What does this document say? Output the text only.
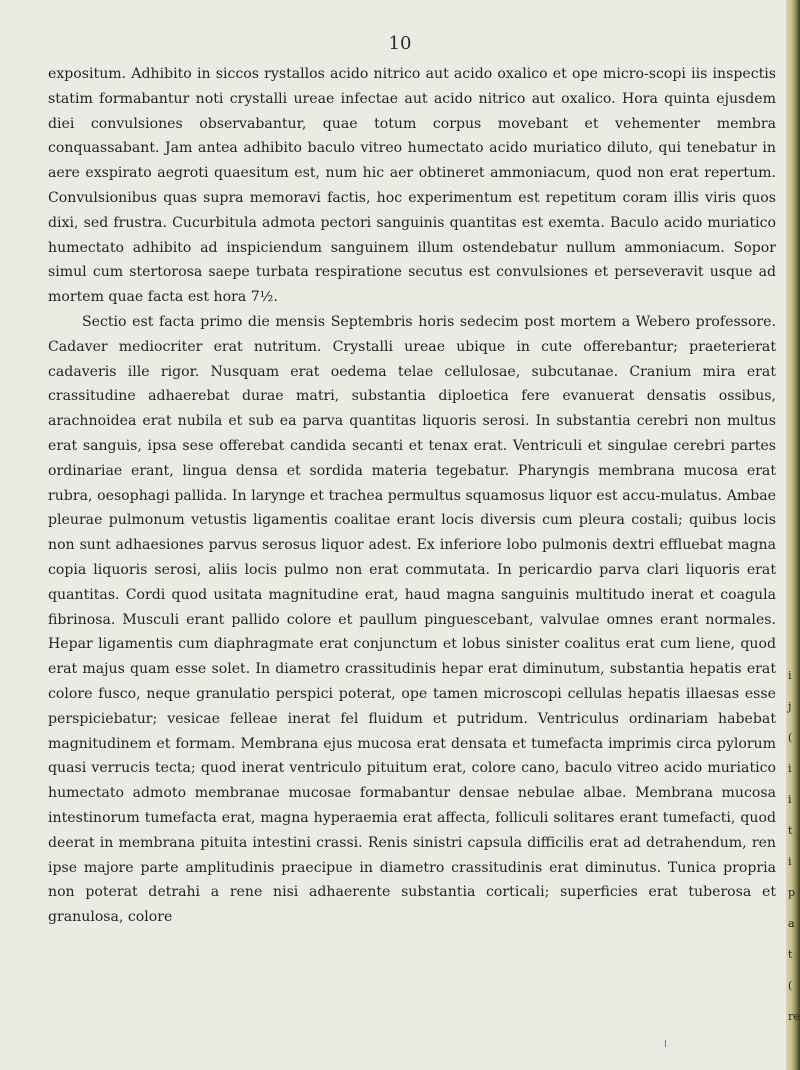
10

expositum. Adhibito in siccos rystallos acido nitrico aut acido oxalico et ope micro-scopi iis inspectis statim formabantur noti crystalli ureae infectae aut acido nitrico aut oxalico. Hora quinta ejusdem diei convulsiones observabantur, quae totum corpus movebant et vehementer membra conquassabant. Jam antea adhibito baculo vitreo humectato acido muriatico diluto, qui tenebatur in aere exspirato aegroti quaesitum est, num hic aer obtineret ammoniacum, quod non erat repertum. Convulsionibus quas supra memoravi factis, hoc experimentum est repetitum coram illis viris quos dixi, sed frustra. Cucurbitula admota pectori sanguinis quantitas est exemta. Baculo acido muriatico humectato adhibito ad inspiciendum sanguinem illum ostendebatur nullum ammoniacum. Sopor simul cum stertorosa saepe turbata respiratione secutus est convulsiones et perseveravit usque ad mortem quae facta est hora 7½.

Sectio est facta primo die mensis Septembris horis sedecim post mortem a Webero professore. Cadaver mediocriter erat nutritum. Crystalli ureae ubique in cute offerebantur; praeterierat cadaveris ille rigor. Nusquam erat oedema telae cellulosae, subcutanae. Cranium mira erat crassitudine adhaerebat durae matri, substantia diploetica fere evanuerat densatis ossibus, arachnoidea erat nubila et sub ea parva quantitas liquoris serosi. In substantia cerebri non multus erat sanguis, ipsa sese offerebat candida secanti et tenax erat. Ventriculi et singulae cerebri partes ordinariae erant, lingua densa et sordida materia tegebatur. Pharyngis membrana mucosa erat rubra, oesophagi pallida. In larynge et trachea permultus squamosus liquor est accu-mulatus. Ambae pleurae pulmonum vetustis ligamentis coalitae erant locis diversis cum pleura costali; quibus locis non sunt adhaesiones parvus serosus liquor adest. Ex inferiore lobo pulmonis dextri effluebat magna copia liquoris serosi, aliis locis pulmo non erat commutata. In pericardio parva clari liquoris erat quantitas. Cordi quod usitata magnitudine erat, haud magna sanguinis multitudo inerat et coagula fibrinosa. Musculi erant pallido colore et paullum pinguescebant, valvulae omnes erant normales. Hepar ligamentis cum diaphragmate erat conjunctum et lobus sinister coalitus erat cum liene, quod erat majus quam esse solet. In diametro crassitudinis hepar erat diminutum, substantia hepatis erat colore fusco, neque granulatio perspici poterat, ope tamen microscopi cellulas hepatis illaesas esse perspiciebatur; vesicae felleae inerat fel fluidum et putridum. Ventriculus ordinariam habebat magnitudinem et formam. Membrana ejus mucosa erat densata et tumefacta imprimis circa pylorum quasi verrucis tecta; quod inerat ventriculo pituitum erat, colore cano, baculo vitreo acido muriatico humectato admoto membranae mucosae formabantur densae nebulae albae. Membrana mucosa intestinorum tumefacta erat, magna hyperaemia erat affecta, folliculi solitares erant tumefacti, quod deerat in membrana pituita intestini crassi. Renis sinistri capsula difficilis erat ad detrahendum, ren ipse majore parte amplitudinis praecipue in diametro crassitudinis erat diminutus. Tunica propria non poterat detrahi a rene nisi adhaerente substantia corticali; superficies erat tuberosa et granulosa, colore

i
j
(
i
i
t
i
p
a
t
(
re
